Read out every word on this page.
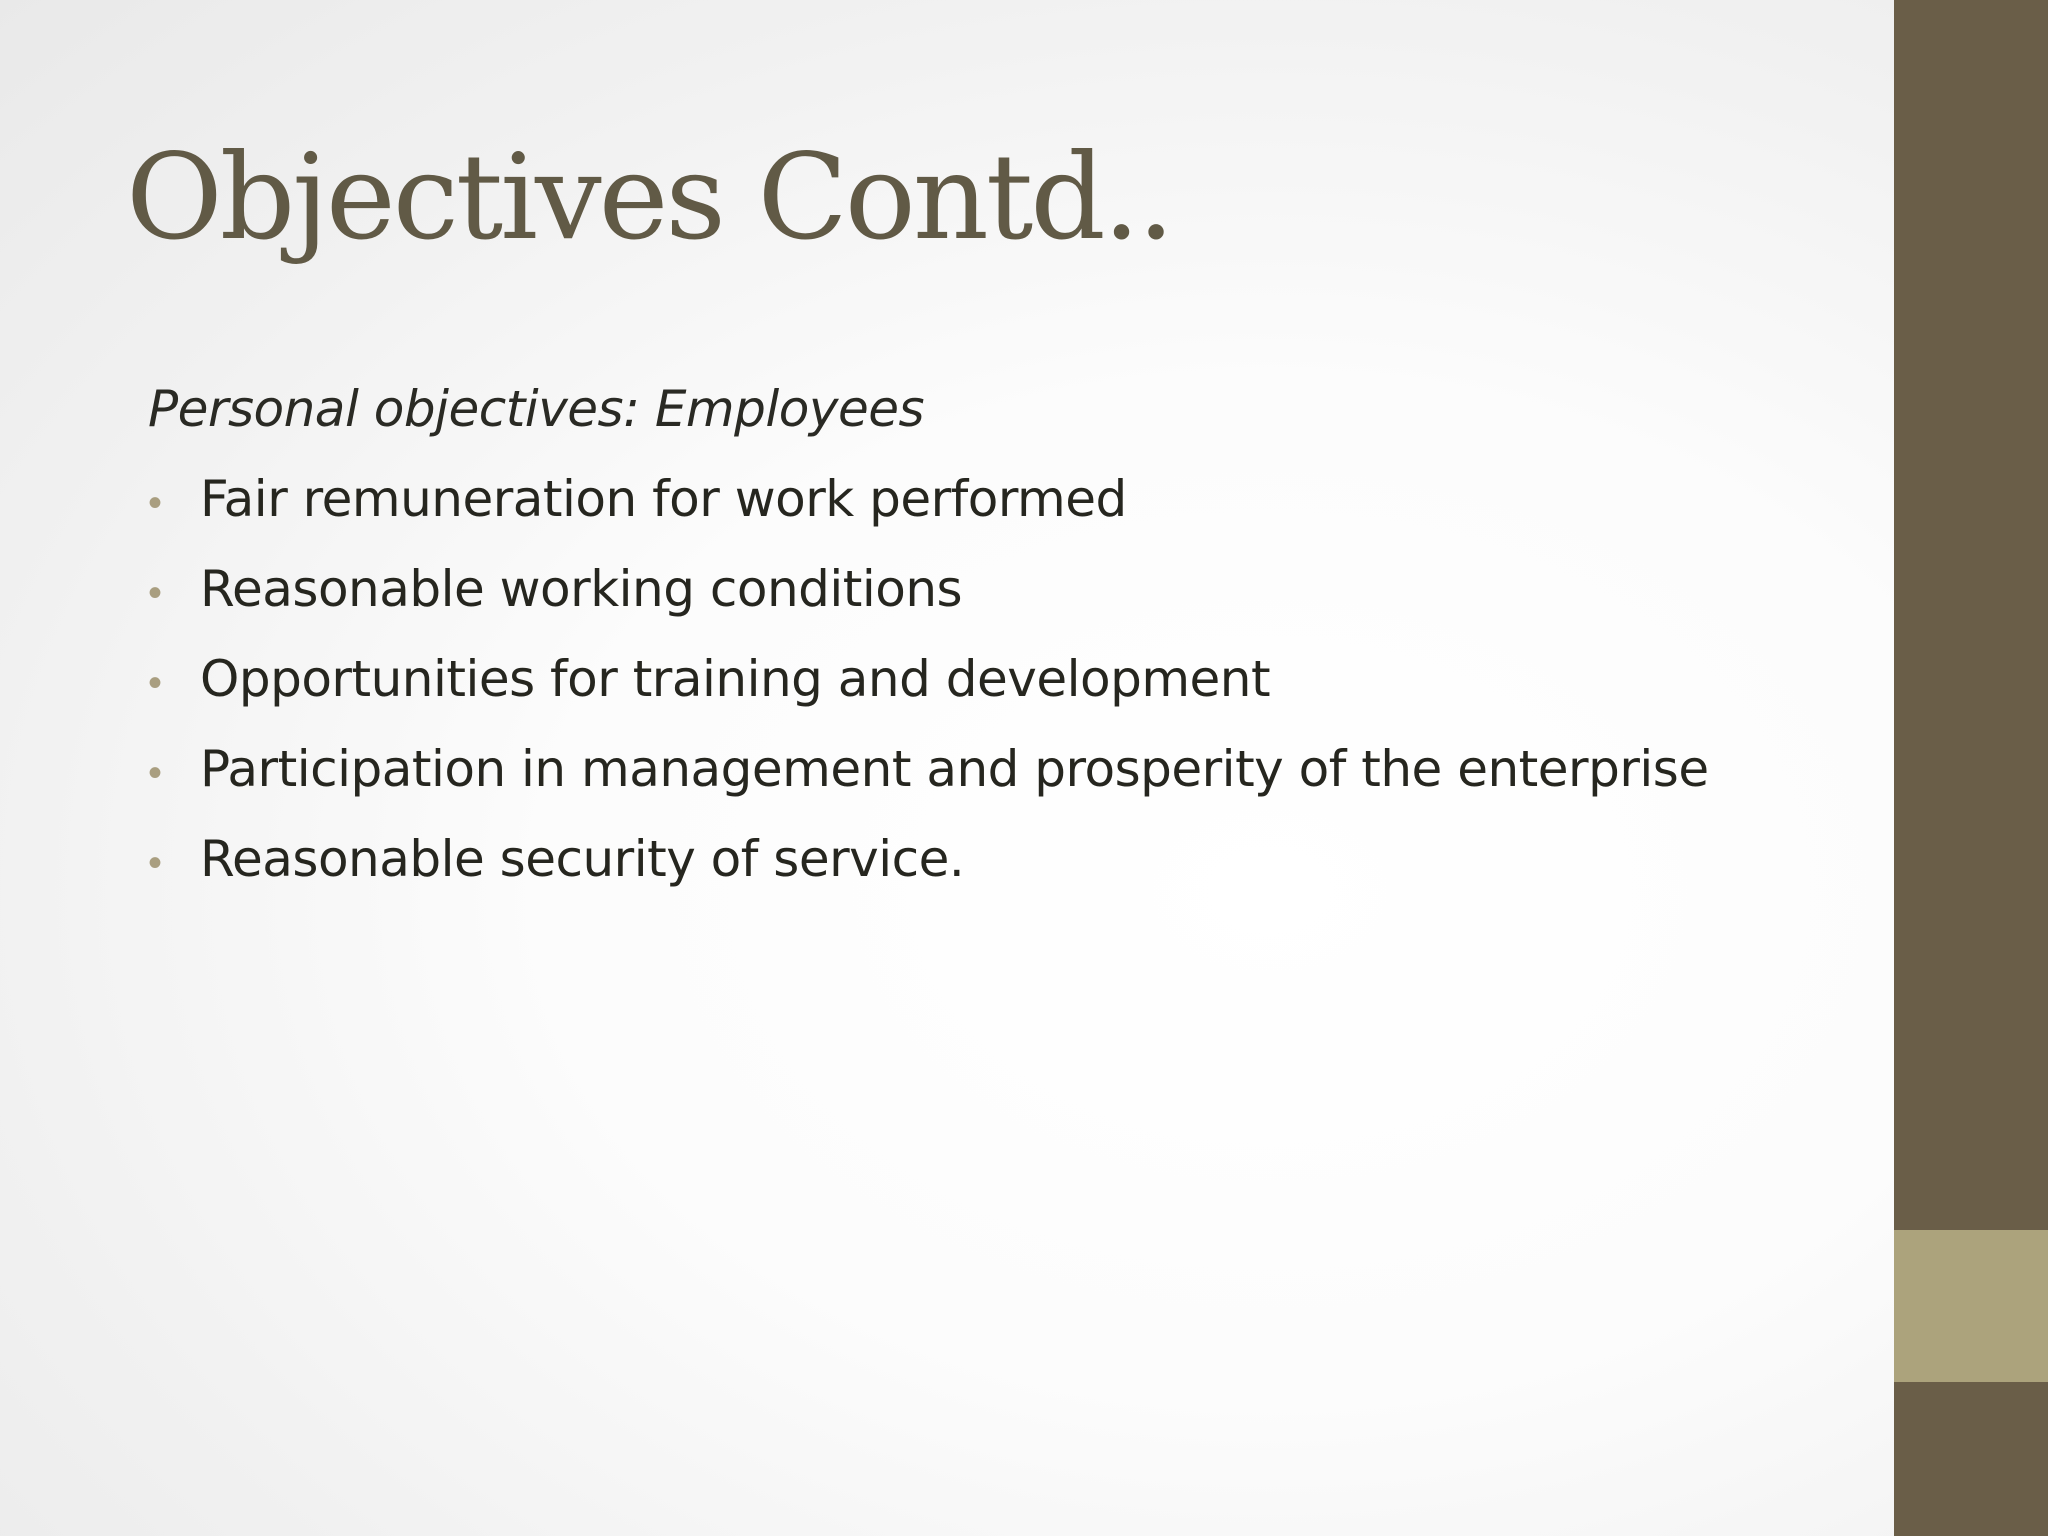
Objectives Contd..

Personal objectives: Employees

• Fair remuneration for work performed
• Reasonable working conditions
• Opportunities for training and development
• Participation in management and prosperity of the enterprise
• Reasonable security of service.
